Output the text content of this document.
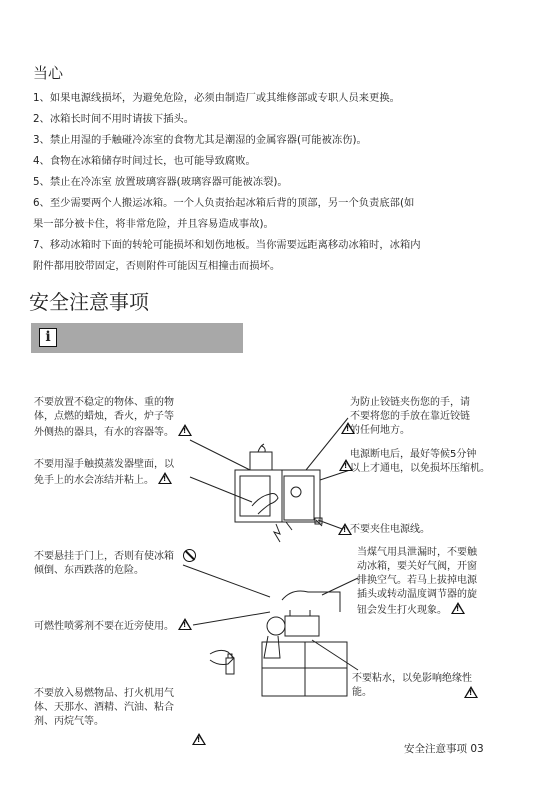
当心
1、如果电源线损坏，为避免危险，必须由制造厂或其维修部或专职人员来更换。
2、冰箱长时间不用时请拔下插头。
3、禁止用湿的手触碰冷冻室的食物尤其是潮湿的金属容器(可能被冻伤)。
4、食物在冰箱储存时间过长，也可能导致腐败。
5、禁止在冷冻室 放置玻璃容器(玻璃容器可能被冻裂)。
6、至少需要两个人搬运冰箱。一个人负责抬起冰箱后背的顶部，另一个负责底部(如
果一部分被卡住，将非常危险，并且容易造成事故)。
7、移动冰箱时下面的转轮可能损坏和划伤地板。当你需要远距离移动冰箱时，冰箱内
附件都用胶带固定，否则附件可能因互相撞击而损坏。
安全注意事项
i
不要放置不稳定的物体、重的物
体，点燃的蜡烛，香火，炉子等
外侧热的器具，有水的容器等。!
不要用湿手触摸蒸发器壁面，以
免手上的水会冻结并粘上。!
不要悬挂于门上，否则有使冰箱
倾倒、东西跌落的危险。
可燃性喷雾剂不要在近旁使用。!
不要放入易燃物品、打火机用气
体、天那水、酒精、汽油、粘合
剂、丙烷气等。
!
为防止铰链夹伤您的手，请
不要将您的手放在靠近铰链
的任何地方。
!
电源断电后，最好等候5分钟
以上才通电，以免损坏压缩机。
!
不要夹住电源线。
!
当煤气用具泄漏时，不要触
动冰箱，要关好气阀，开窗
排换空气。若马上拔掉电源
插头或转动温度调节器的旋
钮会发生打火现象。!
不要粘水，以免影响绝缘性
能。
!
安全注意事项 03
